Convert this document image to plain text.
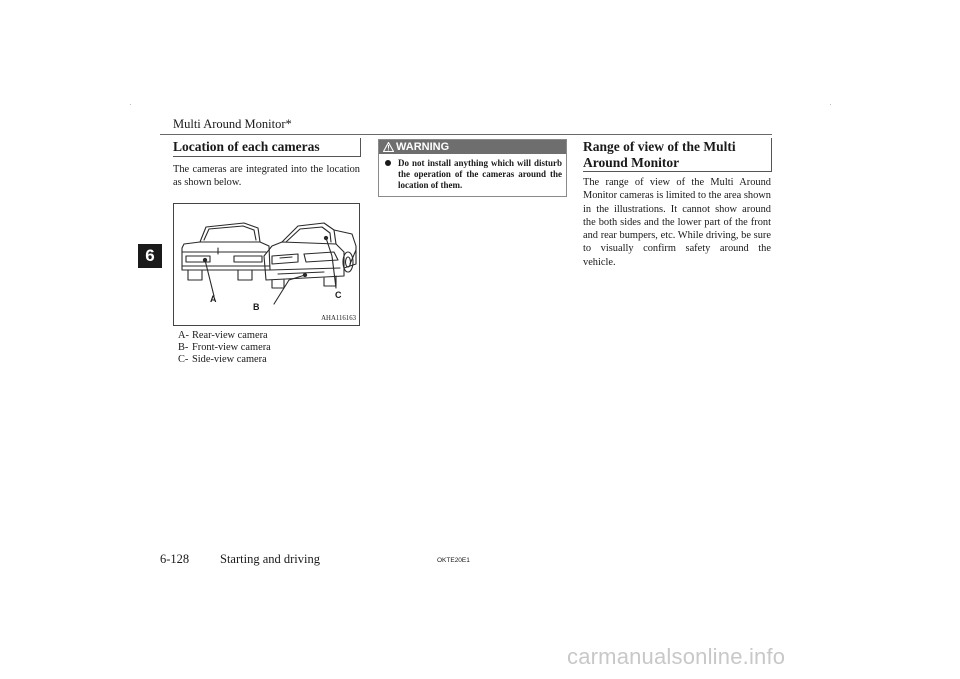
Multi Around Monitor*
6
Location of each cameras
The cameras are integrated into the location as shown below.
A
B
C
AHA116163
A- Rear-view camera
B- Front-view camera
C- Side-view camera
WARNING
Do not install anything which will disturb the operation of the cameras around the location of them.
Range of view of the Multi Around Monitor
The range of view of the Multi Around Monitor cameras is limited to the area shown in the illustrations. It cannot show around the both sides and the lower part of the front and rear bumpers, etc. While driving, be sure to visually confirm safety around the vehicle.
6-128 Starting and driving	OKTE20E1
carmanualsonline.info
